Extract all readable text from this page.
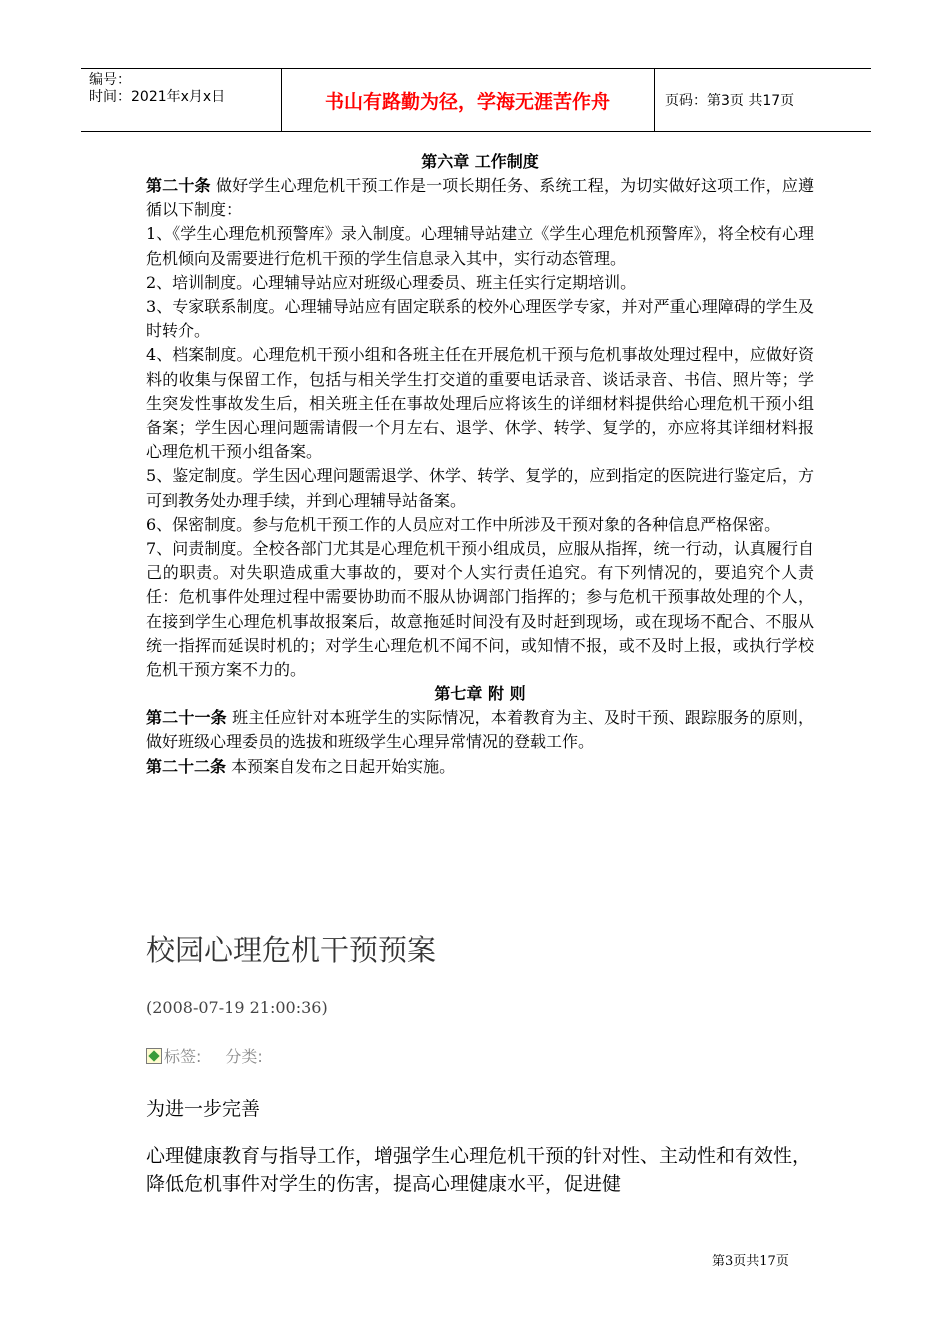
编号：
时间：2021年x月x日	书山有路勤为径，学海无涯苦作舟	页码：第3页 共17页
第六章 工作制度

第二十条 做好学生心理危机干预工作是一项长期任务、系统工程，为切实做好这项工作，应遵循以下制度：

1、《学生心理危机预警库》录入制度。心理辅导站建立《学生心理危机预警库》，将全校有心理危机倾向及需要进行危机干预的学生信息录入其中，实行动态管理。

2、培训制度。心理辅导站应对班级心理委员、班主任实行定期培训。

3、专家联系制度。心理辅导站应有固定联系的校外心理医学专家，并对严重心理障碍的学生及时转介。

4、档案制度。心理危机干预小组和各班主任在开展危机干预与危机事故处理过程中，应做好资料的收集与保留工作，包括与相关学生打交道的重要电话录音、谈话录音、书信、照片等；学生突发性事故发生后，相关班主任在事故处理后应将该生的详细材料提供给心理危机干预小组备案；学生因心理问题需请假一个月左右、退学、休学、转学、复学的，亦应将其详细材料报心理危机干预小组备案。

5、鉴定制度。学生因心理问题需退学、休学、转学、复学的，应到指定的医院进行鉴定后，方可到教务处办理手续，并到心理辅导站备案。

6、保密制度。参与危机干预工作的人员应对工作中所涉及干预对象的各种信息严格保密。

7、问责制度。全校各部门尤其是心理危机干预小组成员，应服从指挥，统一行动，认真履行自己的职责。对失职造成重大事故的，要对个人实行责任追究。有下列情况的，要追究个人责任：危机事件处理过程中需要协助而不服从协调部门指挥的；参与危机干预事故处理的个人，在接到学生心理危机事故报案后，故意拖延时间没有及时赶到现场，或在现场不配合、不服从统一指挥而延误时机的；对学生心理危机不闻不问，或知情不报，或不及时上报，或执行学校危机干预方案不力的。

第七章 附 则

第二十一条 班主任应针对本班学生的实际情况，本着教育为主、及时干预、跟踪服务的原则，做好班级心理委员的选拔和班级学生心理异常情况的登载工作。

第二十二条 本预案自发布之日起开始实施。

校园心理危机干预预案
(2008-07-19 21:00:36)
标签: 分类:

为进一步完善

心理健康教育与指导工作，增强学生心理危机干预的针对性、主动性和有效性，降低危机事件对学生的伤害，提高心理健康水平，促进健

第3页共17页
